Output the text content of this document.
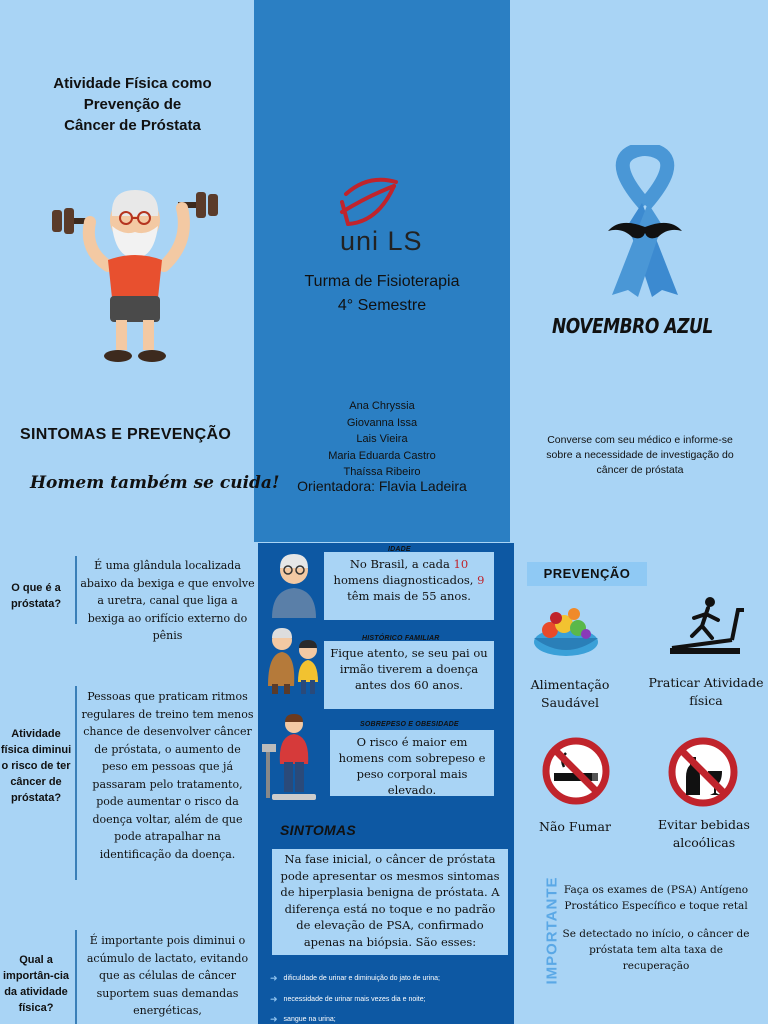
Atividade Física como
Prevenção de
Câncer de Próstata
SINTOMAS E PREVENÇÃO
Homem também se cuida!
uni LS
Turma de Fisioterapia
4° Semestre
Ana Chryssia
Giovanna Issa
Lais Vieira
Maria Eduarda Castro
Thaíssa Ribeiro
Orientadora: Flavia Ladeira
NOVEMBRO AZUL
Converse com seu médico e informe-se sobre a necessidade de investigação do câncer de próstata
O que é a próstata?
É uma glândula localizada abaixo da bexiga e que envolve a uretra, canal que liga a bexiga ao orifício externo do pênis
Atividade física diminui o risco de ter câncer de próstata?
Pessoas que praticam ritmos regulares de treino tem menos chance de desenvolver câncer de próstata, o aumento de peso em pessoas que já passaram pelo tratamento, pode aumentar o risco da doença voltar, além de que pode atrapalhar na identificação da doença.
Qual a importân-cia da atividade física?
É importante pois diminui o acúmulo de lactato, evitando que as células de câncer suportem suas demandas energéticas,
No Brasil, a cada 10 homens diagnosticados, 9 têm mais de 55 anos.
IDADE
Fique atento, se seu pai ou irmão tiverem a doença antes dos 60 anos.
HISTÓRICO FAMILIAR
O risco é maior em homens com sobrepeso e peso corporal mais elevado.
SOBREPESO E OBESIDADE
SINTOMAS
Na fase inicial, o câncer de próstata pode apresentar os mesmos sintomas de hiperplasia benigna de próstata. A diferença está no toque e no padrão de elevação de PSA, confirmado apenas na biópsia. São esses:
➜ dificuldade de urinar e diminuição do jato de urina;
➜ necessidade de urinar mais vezes dia e noite;
➜ sangue na urina;
PREVENÇÃO
Alimentação Saudável
Praticar Atividade física
Não Fumar	Evitar bebidas alcoólicas
IMPORTANTE Faça os exames de (PSA) Antígeno Prostático Específico e toque retal
Se detectado no início, o câncer de próstata tem alta taxa de recuperação
